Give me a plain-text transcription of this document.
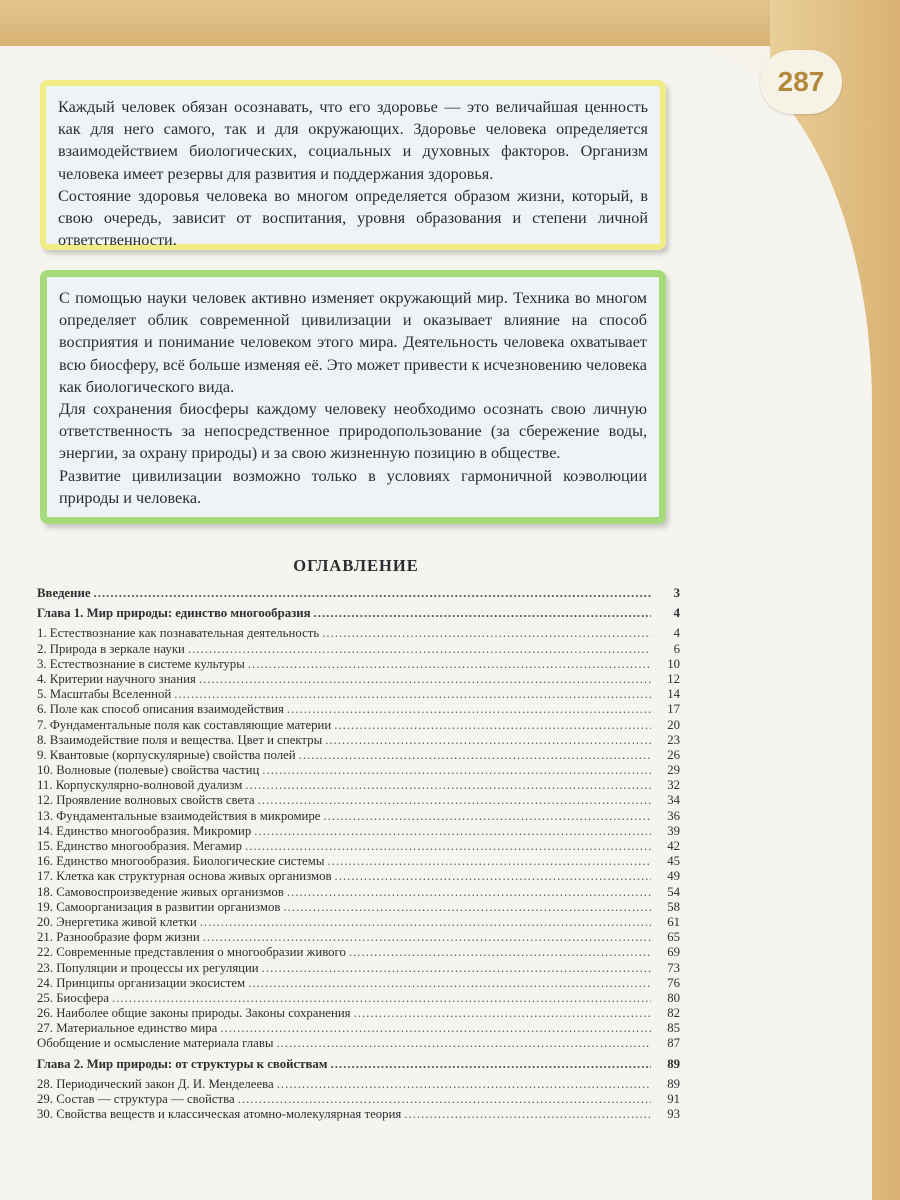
287

Каждый человек обязан осознавать, что его здоровье — это величайшая ценность как для него самого, так и для окружающих. Здоровье человека определяется взаимодействием биологических, социальных и духовных факторов. Организм человека имеет резервы для развития и поддержания здоровья.

Состояние здоровья человека во многом определяется образом жизни, который, в свою очередь, зависит от воспитания, уровня образования и степени личной ответственности.

С помощью науки человек активно изменяет окружающий мир. Техника во многом определяет облик современной цивилизации и оказывает влияние на способ восприятия и понимание человеком этого мира. Деятельность человека охватывает всю биосферу, всё больше изменяя её. Это может привести к исчезновению человека как биологического вида.

Для сохранения биосферы каждому человеку необходимо осознать свою личную ответственность за непосредственное природопользование (за сбережение воды, энергии, за охрану природы) и за свою жизненную позицию в обществе.

Развитие цивилизации возможно только в условиях гармоничной коэволюции природы и человека.

ОГЛАВЛЕНИЕ
Введение .....	3
Глава 1. Мир природы: единство многообразия .....	4
1. Естествознание как познавательная деятельность .....	4
2. Природа в зеркале науки .....	6
3. Естествознание в системе культуры .....	10
4. Критерии научного знания .....	12
5. Масштабы Вселенной .....	14
6. Поле как способ описания взаимодействия .....	17
7. Фундаментальные поля как составляющие материи .....	20
8. Взаимодействие поля и вещества. Цвет и спектры .....	23
9. Квантовые (корпускулярные) свойства полей .....	26
10. Волновые (полевые) свойства частиц .....	29
11. Корпускулярно-волновой дуализм .....	32
12. Проявление волновых свойств света .....	34
13. Фундаментальные взаимодействия в микромире .....	36
14. Единство многообразия. Микромир .....	39
15. Единство многообразия. Мегамир .....	42
16. Единство многообразия. Биологические системы .....	45
17. Клетка как структурная основа живых организмов .....	49
18. Самовоспроизведение живых организмов .....	54
19. Самоорганизация в развитии организмов .....	58
20. Энергетика живой клетки .....	61
21. Разнообразие форм жизни .....	65
22. Современные представления о многообразии живого .....	69
23. Популяции и процессы их регуляции .....	73
24. Принципы организации экосистем .....	76
25. Биосфера .....	80
26. Наиболее общие законы природы. Законы сохранения .....	82
27. Материальное единство мира .....	85
Обобщение и осмысление материала главы .....	87
Глава 2. Мир природы: от структуры к свойствам .....	89
28. Периодический закон Д. И. Менделеева .....	89
29. Состав — структура — свойства .....	91
30. Свойства веществ и классическая атомно-молекулярная теория .....	93
